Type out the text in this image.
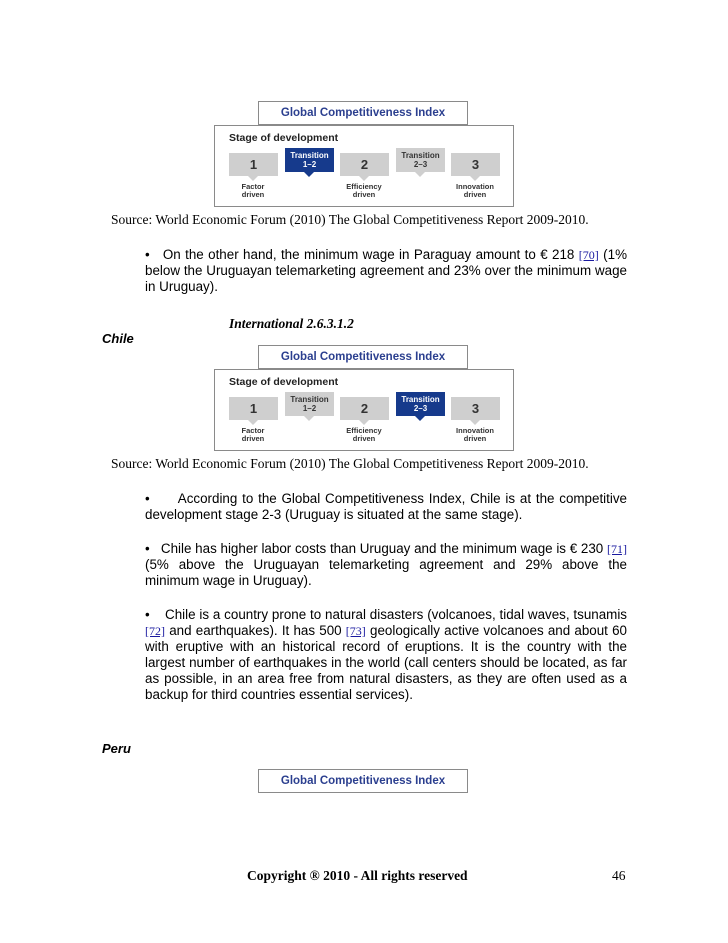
Global Competitiveness Index
Stage of development
1
Transition
1–2	2
Transition
2–3	3
Factor
driven
Efficiency
driven
Innovation
driven
Source: World Economic Forum (2010) The Global Competitiveness Report 2009-2010.
• On the other hand, the minimum wage in Paraguay amount to € 218 [70] (1% below the Uruguayan telemarketing agreement and 23% over the minimum wage in Uruguay).
International 2.6.3.1.2
Chile
Global Competitiveness Index
Stage of development
1
Transition
1–2	2
Transition
2–3	3
Factor
driven
Efficiency
driven
Innovation
driven
Source: World Economic Forum (2010) The Global Competitiveness Report 2009-2010.
• According to the Global Competitiveness Index, Chile is at the competitive development stage 2-3 (Uruguay is situated at the same stage).
• Chile has higher labor costs than Uruguay and the minimum wage is € 230 [71] (5% above the Uruguayan telemarketing agreement and 29% above the minimum wage in Uruguay).
• Chile is a country prone to natural disasters (volcanoes, tidal waves, tsunamis [72] and earthquakes). It has 500 [73] geologically active volcanoes and about 60 with eruptive with an historical record of eruptions. It is the country with the largest number of earthquakes in the world (call centers should be located, as far as possible, in an area free from natural disasters, as they are often used as a backup for third countries essential services).
Peru
Global Competitiveness Index
Copyright ® 2010 - All rights reserved	46
